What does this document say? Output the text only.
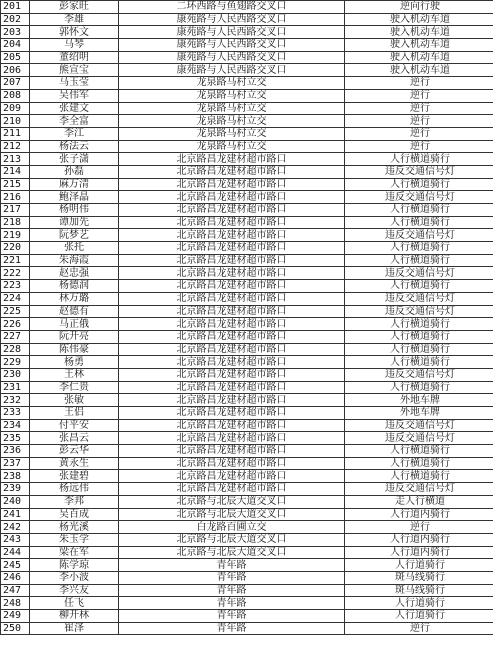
201	彭家旺	二环西路与鱼翅路交叉口	逆向行驶
202	李雄	康苑路与人民西路交叉口	驶入机动车道
203	郭怀文	康苑路与人民西路交叉口	驶入机动车道
204	马琴	康苑路与人民西路交叉口	驶入机动车道
205	董绍明	康苑路与人民西路交叉口	驶入机动车道
206	熊宣宝	康苑路与人民西路交叉口	驶入机动车道
207	马玉莹	龙泉路马村立交	逆行
208	吴伟军	龙泉路马村立交	逆行
209	张建文	龙泉路马村立交	逆行
210	李全富	龙泉路马村立交	逆行
211	李江	龙泉路马村立交	逆行
212	杨法云	龙泉路马村立交	逆行
213	张子潇	北京路昌龙建材超市路口	人行横道骑行
214	孙磊	北京路昌龙建材超市路口	违反交通信号灯
215	麻万清	北京路昌龙建材超市路口	人行横道骑行
216	鲍泽晶	北京路昌龙建材超市路口	违反交通信号灯
217	杨明伟	北京路昌龙建材超市路口	人行横道骑行
218	谭加先	北京路昌龙建材超市路口	人行横道骑行
219	阮梦艺	北京路昌龙建材超市路口	违反交通信号灯
220	张托	北京路昌龙建材超市路口	人行横道骑行
221	朱海霞	北京路昌龙建材超市路口	人行横道骑行
222	赵忠强	北京路昌龙建材超市路口	违反交通信号灯
223	杨德润	北京路昌龙建材超市路口	人行横道骑行
224	林万璐	北京路昌龙建材超市路口	违反交通信号灯
225	赵德有	北京路昌龙建材超市路口	违反交通信号灯
226	马正俄	北京路昌龙建材超市路口	人行横道骑行
227	阮开亮	北京路昌龙建材超市路口	人行横道骑行
228	陈伟豪	北京路昌龙建材超市路口	人行横道骑行
229	杨勇	北京路昌龙建材超市路口	人行横道骑行
230	王林	北京路昌龙建材超市路口	违反交通信号灯
231	李仁贵	北京路昌龙建材超市路口	人行横道骑行
232	张敏	北京路昌龙建材超市路口	外地车牌
233	王侣	北京路昌龙建材超市路口	外地车牌
234	付平安	北京路昌龙建材超市路口	违反交通信号灯
235	张昌云	北京路昌龙建材超市路口	违反交通信号灯
236	彭云华	北京路昌龙建材超市路口	人行横道骑行
237	黄永生	北京路昌龙建材超市路口	人行横道骑行
238	张建碧	北京路昌龙建材超市路口	人行横道骑行
239	杨远伟	北京路昌龙建材超市路口	违反交通信号灯
240	李邦	北京路与北辰大道交叉口	走人行横道
241	吴百成	北京路与北辰大道交叉口	人行道内骑行
242	杨光溪	白龙路百圃立交	逆行
243	朱玉学	北京路与北辰大道交叉口	人行道内骑行
244	梁在军	北京路与北辰大道交叉口	人行道内骑行
245	陈学琼	青年路	人行道骑行
246	李小波	青年路	斑马线骑行
247	李兴友	青年路	斑马线骑行
248	任飞	青年路	人行道骑行
249	柳开林	青年路	人行道骑行
250	崔泽	青年路	逆行
